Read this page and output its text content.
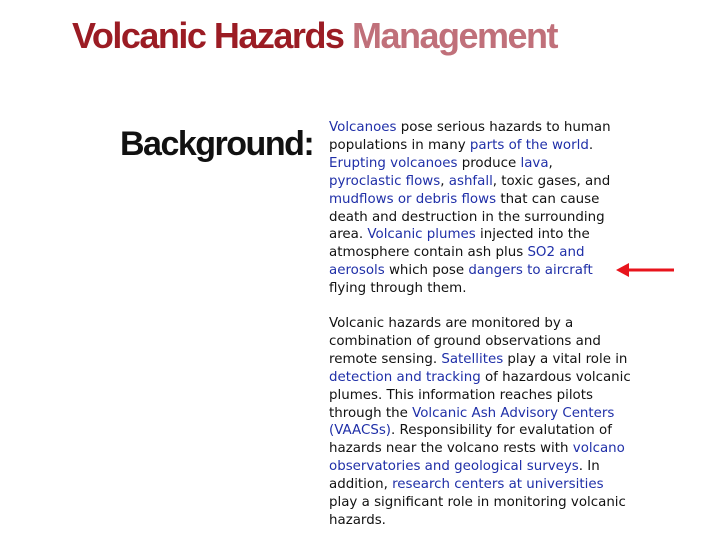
Volcanic Hazards Management
Background: Volcanoes pose serious hazards to human
populations in many parts of the world.
Erupting volcanoes produce lava,
pyroclastic flows, ashfall, toxic gases, and
mudflows or debris flows that can cause
death and destruction in the surrounding
area. Volcanic plumes injected into the
atmosphere contain ash plus SO2 and
aerosols which pose dangers to aircraft
flying through them.
Volcanic hazards are monitored by a
combination of ground observations and
remote sensing. Satellites play a vital role in
detection and tracking of hazardous volcanic
plumes. This information reaches pilots
through the Volcanic Ash Advisory Centers
(VAACSs). Responsibility for evalutation of
hazards near the volcano rests with volcano
observatories and geological surveys. In
addition, research centers at universities
play a significant role in monitoring volcanic
hazards.
